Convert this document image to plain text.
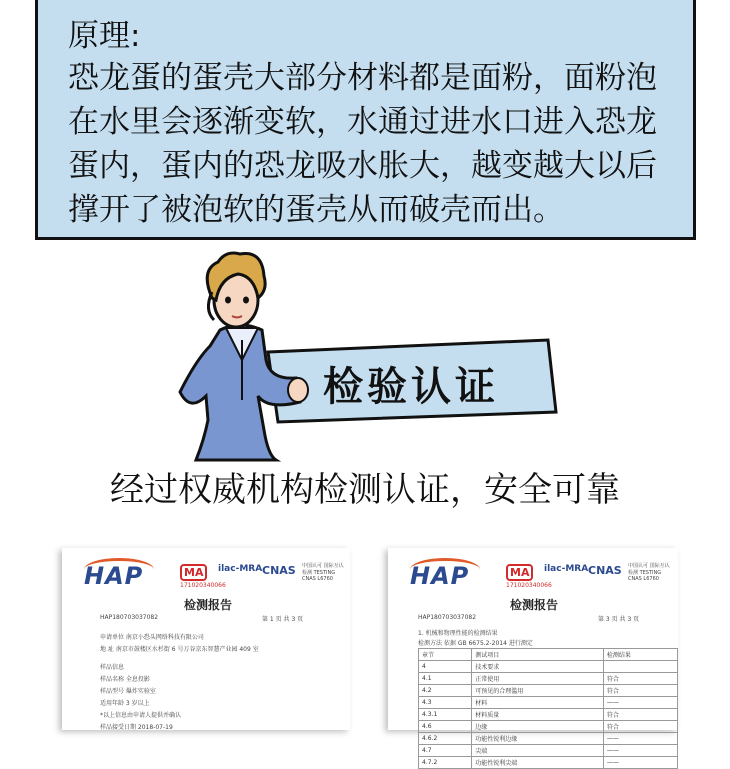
原理:
恐龙蛋的蛋壳大部分材料都是面粉，面粉泡
在水里会逐渐变软，水通过进水口进入恐龙
蛋内，蛋内的恐龙吸水胀大，越变越大以后
撑开了被泡软的蛋壳从而破壳而出。
检验认证
经过权威机构检测认证，安全可靠
HAP	MA	ilac-MRA CNAS 中国认可 国际互认 检测 TESTING CNAS L6760
171020340066
检测报告
HAP180703037082	第 1 页 共 3 页
申请单位 南京小恐头网络科技有限公司
地 址 南京市鼓楼区水杉街 6 号万谷京东智慧产业园 409 室
样品信息
样品名称 全息投影
样品型号 爆炸实验室
适用年龄 3 岁以上
*以上信息由申请人提供并确认
样品接受日期 2018-07-19
HAP	MA	ilac-MRA CNAS 中国认可 国际互认 检测 TESTING CNAS L6760
171020340066
检测报告
HAP180703037082	第 3 页 共 3 页
1. 机械和物理性能的检测结果
检测方法 依据 GB 6675.2-2014 进行测定
章节	测试项目	检测结果
4	技术要求	
4.1	正常使用	符合
4.2	可预见的合理滥用	符合
4.3	材料	——
4.3.1	材料质量	符合
4.6	边缘	符合
4.6.2	功能性锐利边缘	——
4.7	尖端	——
4.7.2	功能性锐利尖端	——
